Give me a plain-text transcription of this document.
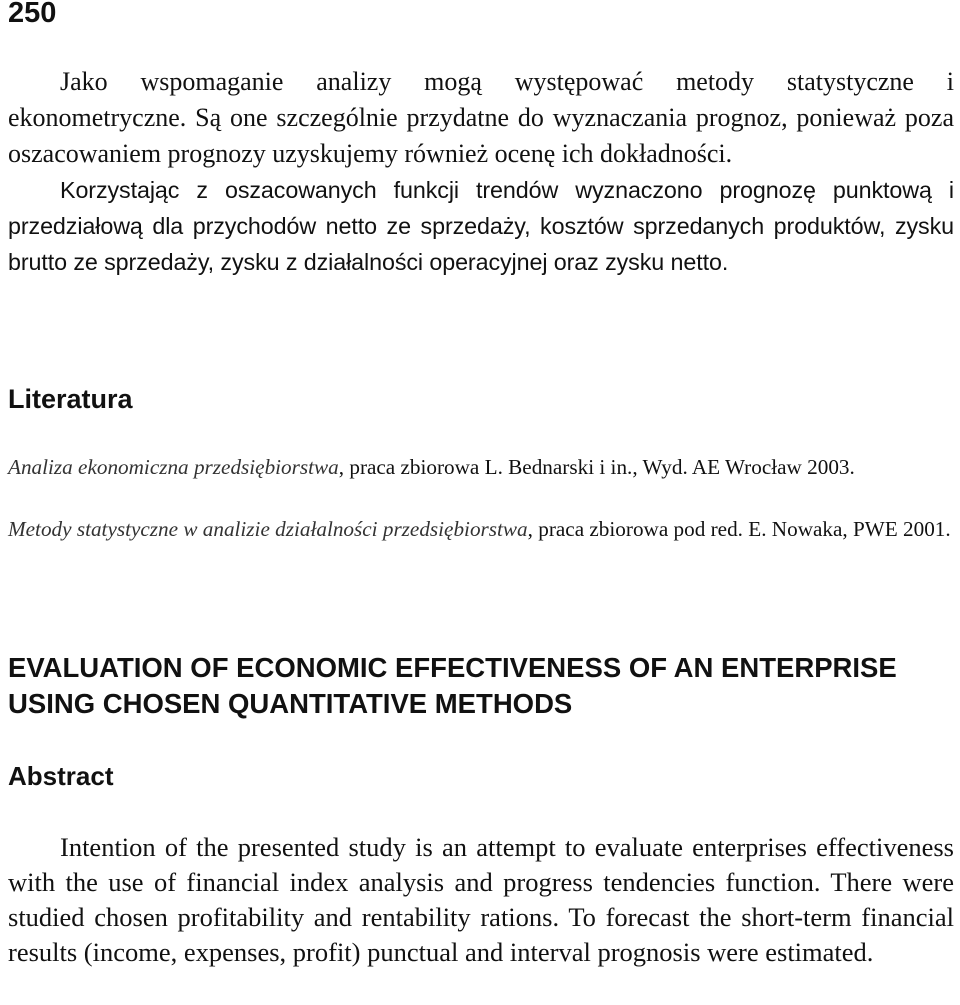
250

Jako wspomaganie analizy mogą występować metody statystyczne i ekonometryczne. Są one szczególnie przydatne do wyznaczania prognoz, ponieważ poza oszacowaniem prognozy uzyskujemy również ocenę ich dokładności.

Korzystając z oszacowanych funkcji trendów wyznaczono prognozę punktową i przedziałową dla przychodów netto ze sprzedaży, kosztów sprzedanych produktów, zysku brutto ze sprzedaży, zysku z działalności operacyjnej oraz zysku netto.

Literatura

Analiza ekonomiczna przedsiębiorstwa, praca zbiorowa L. Bednarski i in., Wyd. AE Wrocław 2003.

Metody statystyczne w analizie działalności przedsiębiorstwa, praca zbiorowa pod red. E. Nowaka, PWE 2001.

EVALUATION OF ECONOMIC EFFECTIVENESS OF AN ENTERPRISE USING CHOSEN QUANTITATIVE METHODS
Abstract

Intention of the presented study is an attempt to evaluate enterprises effectiveness with the use of financial index analysis and progress tendencies function. There were studied chosen profitability and rentability rations. To forecast the short-term financial results (income, expenses, profit) punctual and interval prognosis were estimated.
